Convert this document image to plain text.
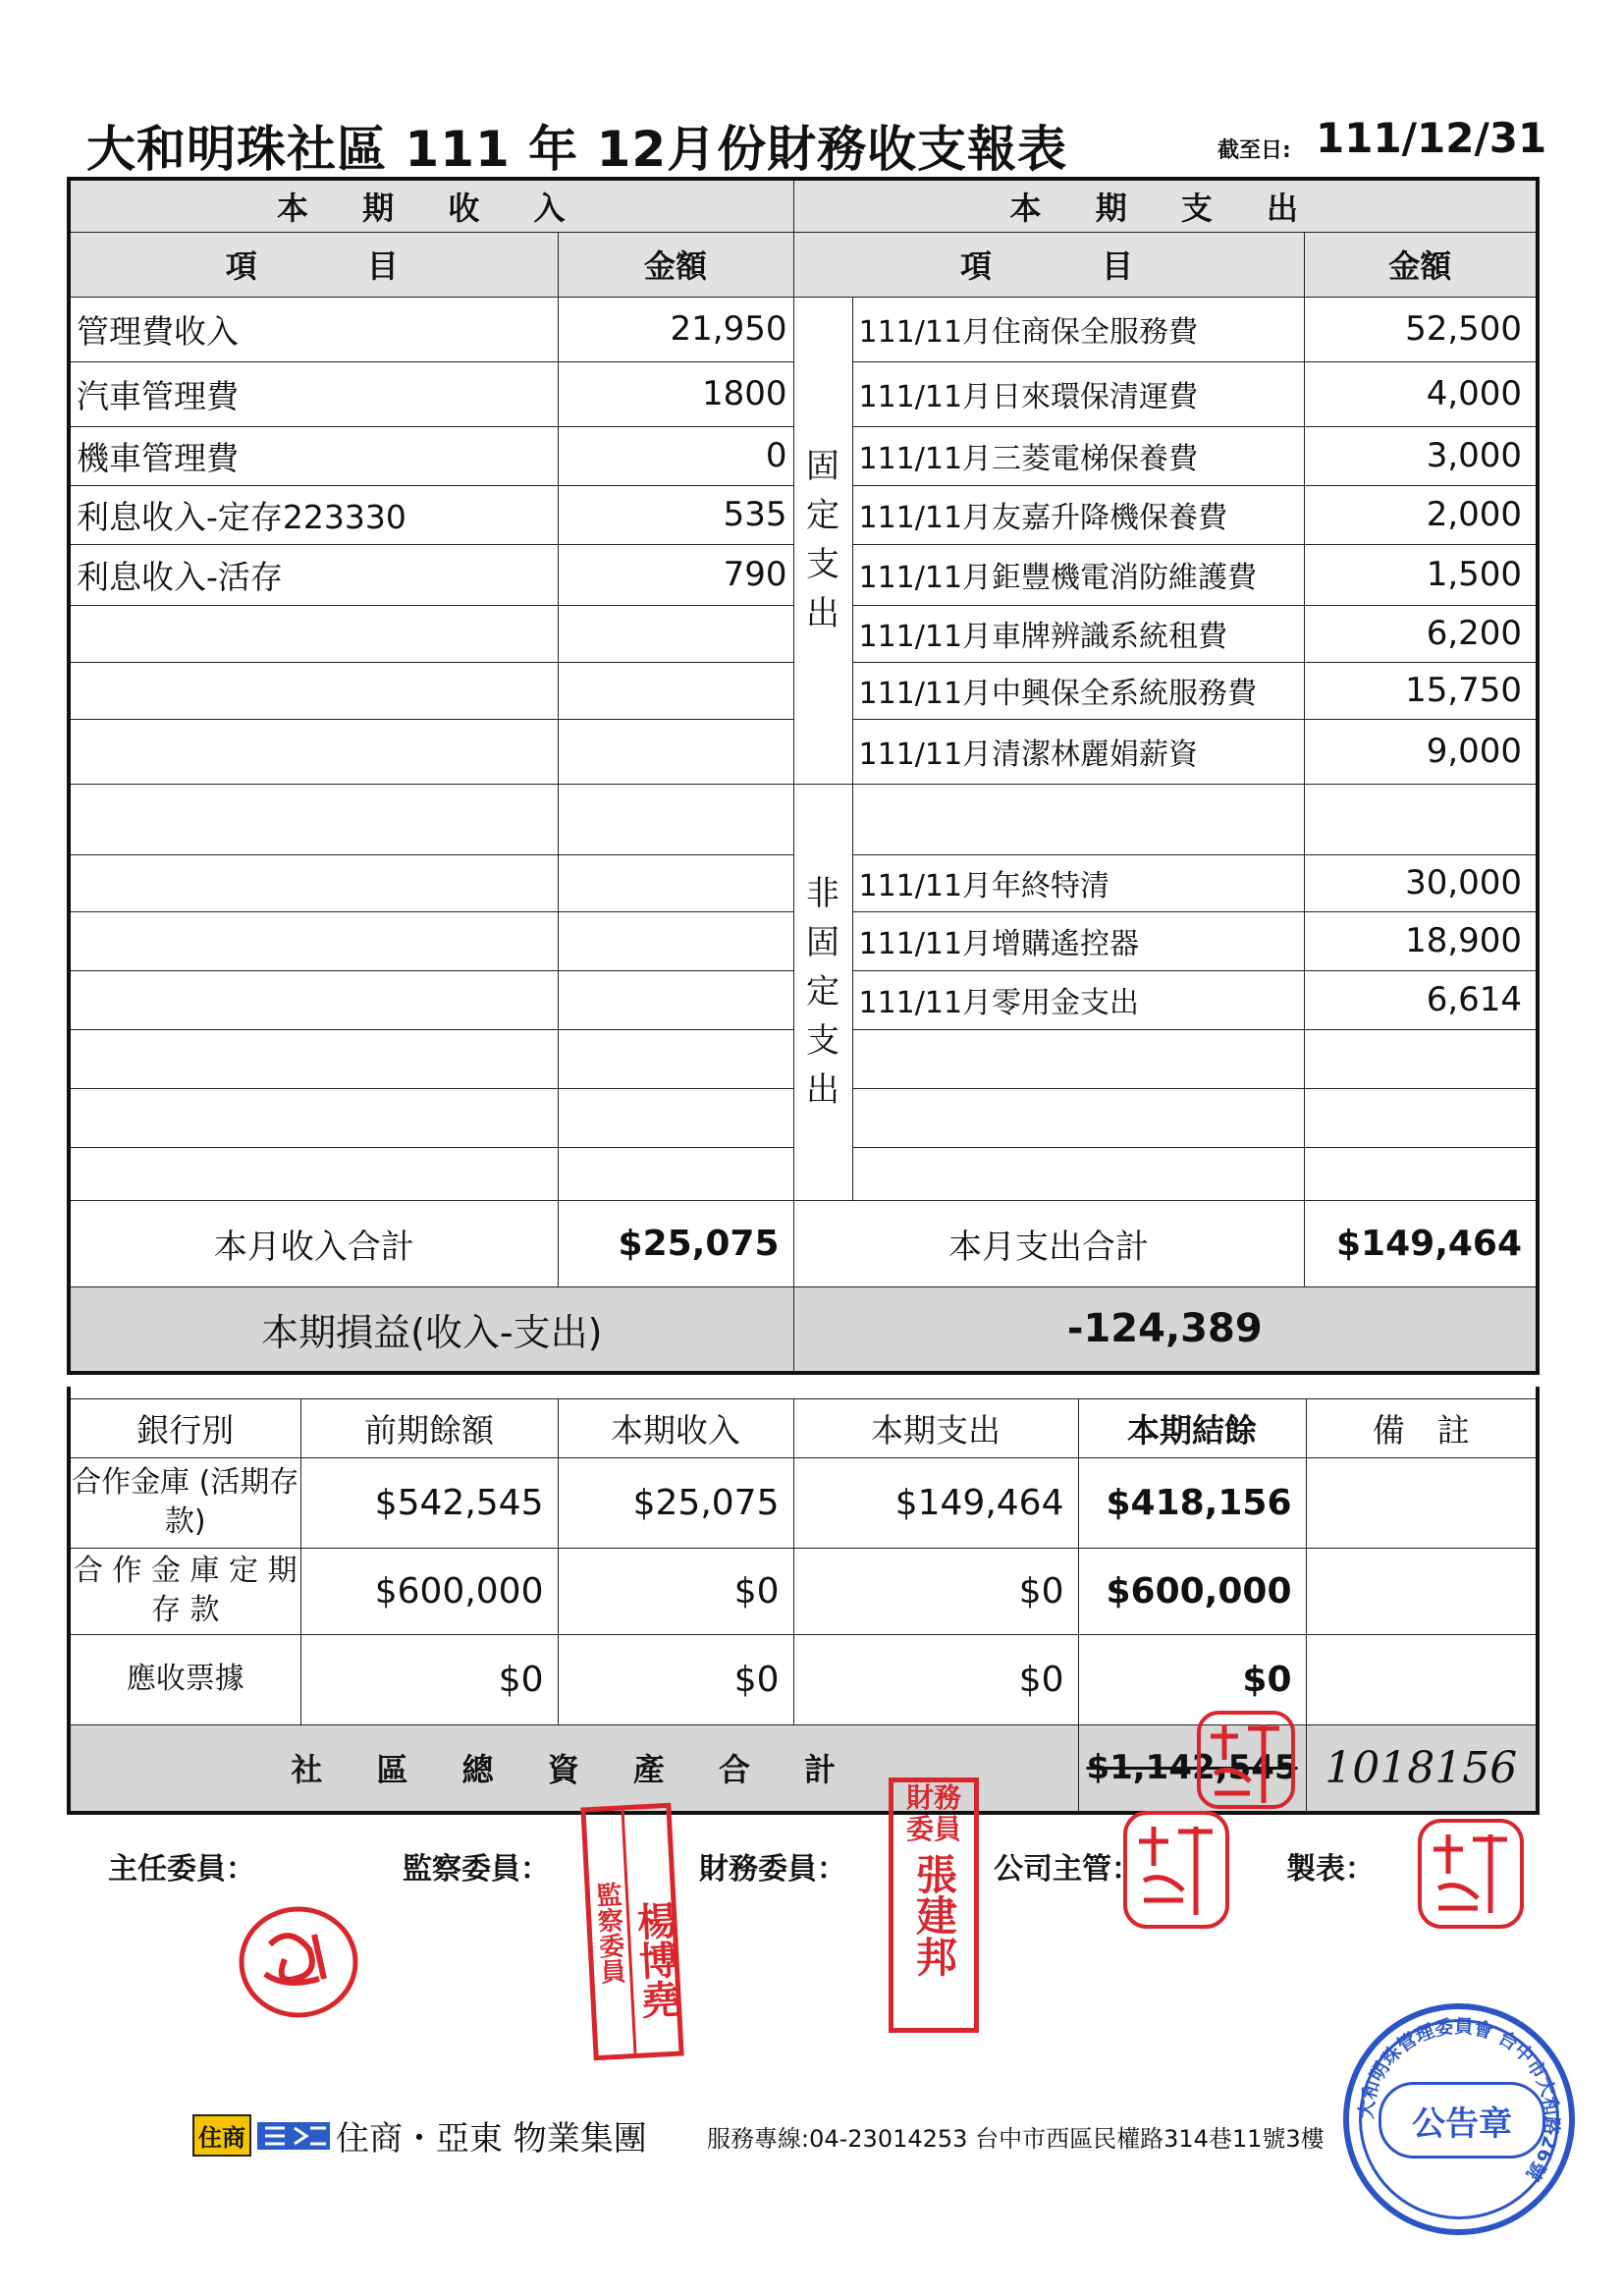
大和明珠社區 111 年 12月份財務收支報表	截至日: 111/12/31
本 期 收 入		本 期 支 出		
項　　　目	金額	項　　　目		金額
管理費收入	21,950	固定支出	111/11月住商保全服務費	52,500
汽車管理費	1800		111/11月日來環保清運費	4,000
機車管理費	0		111/11月三菱電梯保養費	3,000
利息收入-定存223330	535		111/11月友嘉升降機保養費	2,000
利息收入-活存	790		111/11月鉅豐機電消防維護費	1,500
			111/11月車牌辨識系統租費	6,200
			111/11月中興保全系統服務費	15,750
			111/11月清潔林麗娟薪資	9,000
		非固定支出		
			111/11月年終特清	30,000
			111/11月增購遙控器	18,900
			111/11月零用金支出	6,614

本月收入合計	$25,075	本月支出合計		$149,464
本期損益(收入-支出)		-124,389		

銀行別	前期餘額	本期收入	本期支出	本期結餘	備　註
合作金庫 (活期存款)	$542,545	$25,075	$149,464	$418,156	
合 作 金 庫 定 期 存 款	$600,000	$0	$0	$600,000	
應收票據	$0	$0	$0	$0	
社 區 總 資 產 合 計				$1,142,545	1018156
主任委員：	監察委員：	財務委員：	公司主管：	製表：
監察委員 楊博堯
財務委員
張建邦
公告章
大和明珠管理委員會 台中市大和路26號
住商	住商・亞東 物業集團	服務專線:04-23014253 台中市西區民權路314巷11號3樓
